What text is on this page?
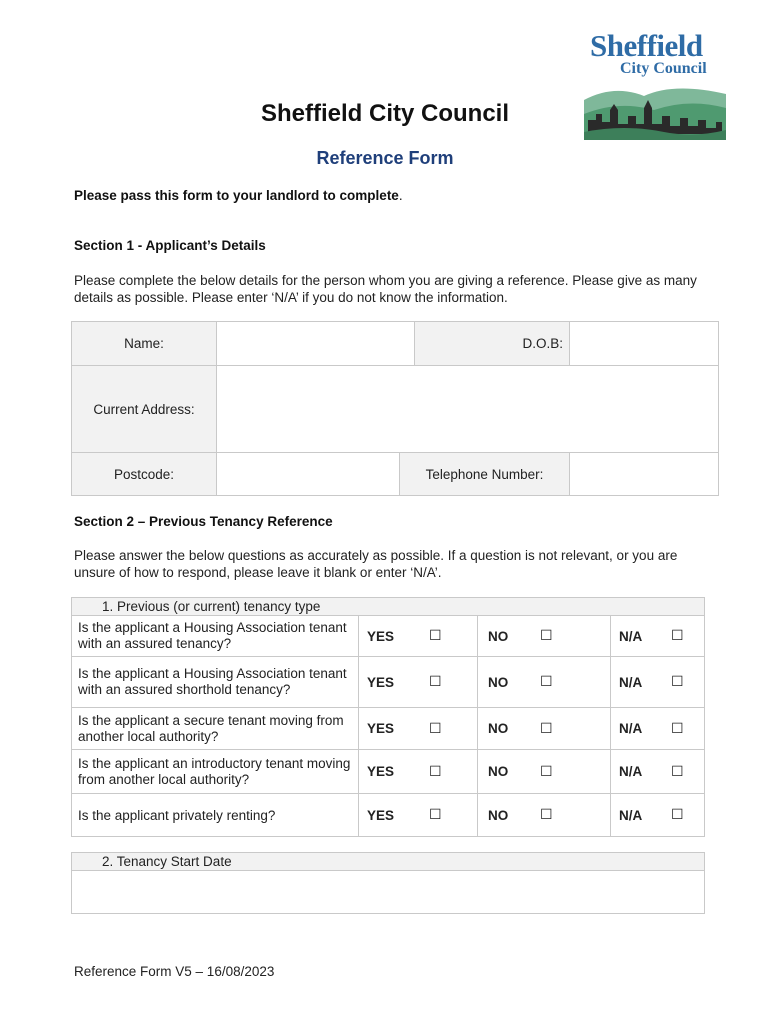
Sheffield
City Council
Sheffield City Council
Reference Form
Please pass this form to your landlord to complete.
Section 1 - Applicant’s Details
Please complete the below details for the person whom you are giving a reference. Please give as many details as possible. Please enter ‘N/A’ if you do not know the information.
Name:			D.O.B:	
Current Address:				
Postcode:		Telephone Number:		
Section 2 – Previous Tenancy Reference
Please answer the below questions as accurately as possible. If a question is not relevant, or you are unsure of how to respond, please leave it blank or enter ‘N/A’.
1. Previous (or current) tenancy type						
Is the applicant a Housing Association tenant with an assured tenancy?	YES	☐	NO	☐	N/A	☐
Is the applicant a Housing Association tenant with an assured shorthold tenancy?	YES	☐	NO	☐	N/A	☐
Is the applicant a secure tenant moving from another local authority?	YES	☐	NO	☐	N/A	☐
Is the applicant an introductory tenant moving from another local authority?	YES	☐	NO	☐	N/A	☐
Is the applicant privately renting?	YES	☐	NO	☐	N/A	☐
2. Tenancy Start Date

Reference Form V5 – 16/08/2023
